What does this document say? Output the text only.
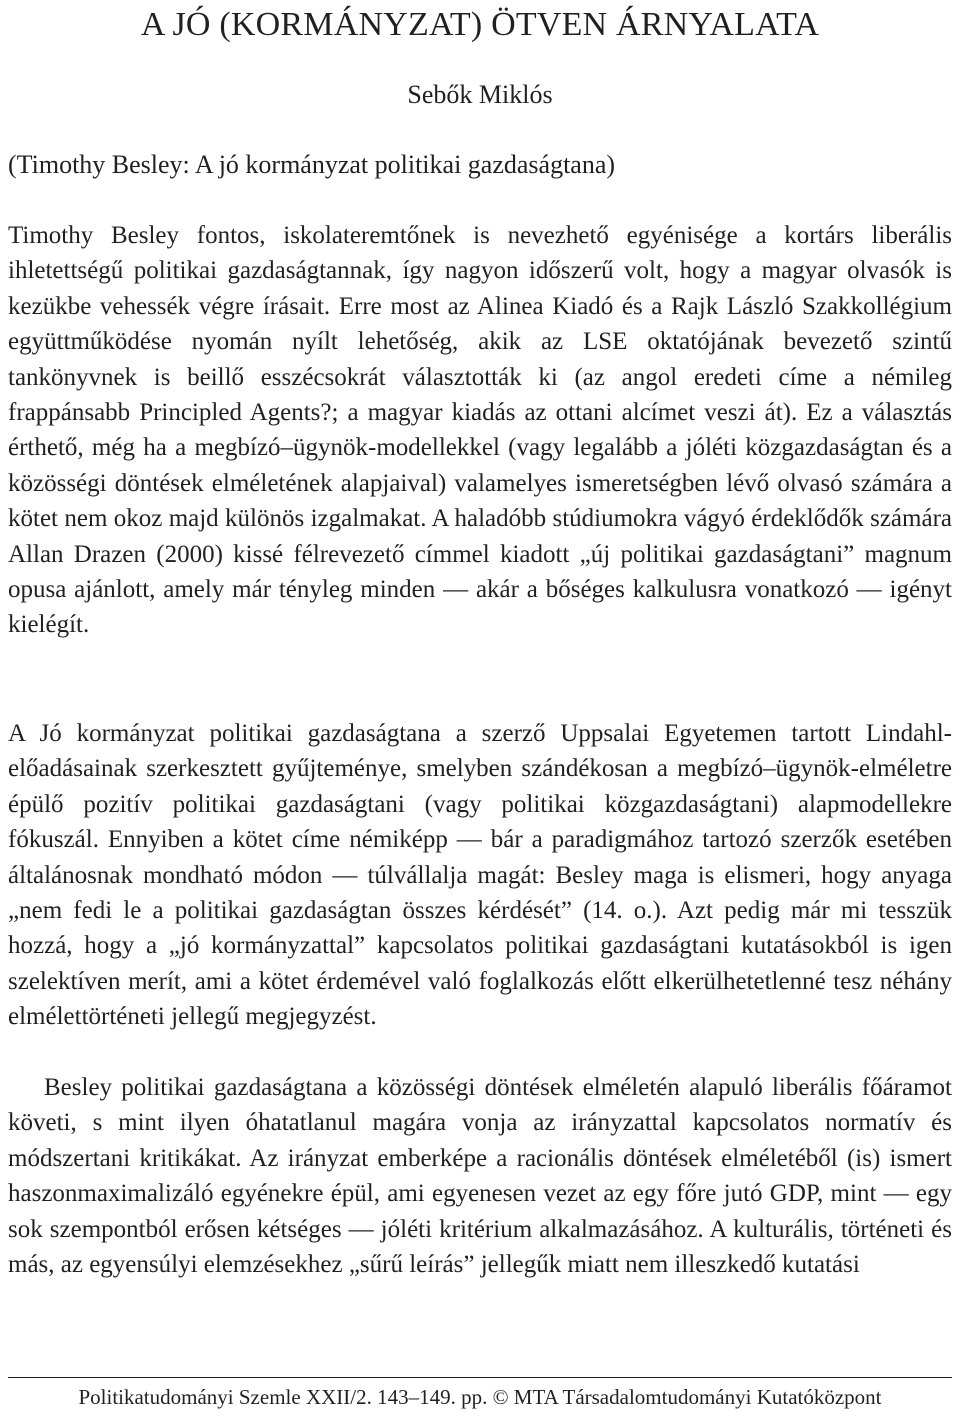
A JÓ (KORMÁNYZAT) ÖTVEN ÁRNYALATA
Sebők Miklós
(Timothy Besley: A jó kormányzat politikai gazdaságtana)

Timothy Besley fontos, iskolateremtőnek is nevezhető egyénisége a kortárs liberális ihletettségű politikai gazdaságtannak, így nagyon időszerű volt, hogy a magyar olvasók is kezükbe vehessék végre írásait. Erre most az Alinea Kiadó és a Rajk László Szakkollégium együttműködése nyomán nyílt lehetőség, akik az LSE oktatójának bevezető szintű tankönyvnek is beillő esszécsokrát választották ki (az angol eredeti címe a némileg frappánsabb Principled Agents?; a magyar kiadás az ottani alcímet veszi át). Ez a választás érthető, még ha a megbízó–ügynök-modellekkel (vagy legalább a jóléti közgazdaságtan és a közösségi döntések elméletének alapjaival) valamelyes ismeretségben lévő olvasó számára a kötet nem okoz majd különös izgalmakat. A haladóbb stúdiumokra vágyó érdeklődők számára Allan Drazen (2000) kissé félrevezető címmel kiadott „új politikai gazdaságtani” magnum opusa ajánlott, amely már tényleg minden — akár a bőséges kalkulusra vonatkozó — igényt kielégít.

A Jó kormányzat politikai gazdaságtana a szerző Uppsalai Egyetemen tartott Lindahl-előadásainak szerkesztett gyűjteménye, smelyben szándékosan a megbízó–ügynök-elméletre épülő pozitív politikai gazdaságtani (vagy politikai közgazdaságtani) alapmodellekre fókuszál. Ennyiben a kötet címe némiképp — bár a paradigmához tartozó szerzők esetében általánosnak mondható módon — túlvállalja magát: Besley maga is elismeri, hogy anyaga „nem fedi le a politikai gazdaságtan összes kérdését” (14. o.). Azt pedig már mi tesszük hozzá, hogy a „jó kormányzattal” kapcsolatos politikai gazdaságtani kutatásokból is igen szelektíven merít, ami a kötet érdemével való foglalkozás előtt elkerülhetetlenné tesz néhány elmélettörténeti jellegű megjegyzést.

Besley politikai gazdaságtana a közösségi döntések elméletén alapuló liberális főáramot követi, s mint ilyen óhatatlanul magára vonja az irányzattal kapcsolatos normatív és módszertani kritikákat. Az irányzat emberképe a racionális döntések elméletéből (is) ismert haszonmaximalizáló egyénekre épül, ami egyenesen vezet az egy főre jutó GDP, mint — egy sok szempontból erősen kétséges — jóléti kritérium alkalmazásához. A kulturális, történeti és más, az egyensúlyi elemzésekhez „sűrű leírás” jellegűk miatt nem illeszkedő kutatási

Politikatudományi Szemle XXII/2. 143–149. pp. © MTA Társadalomtudományi Kutatóközpont
